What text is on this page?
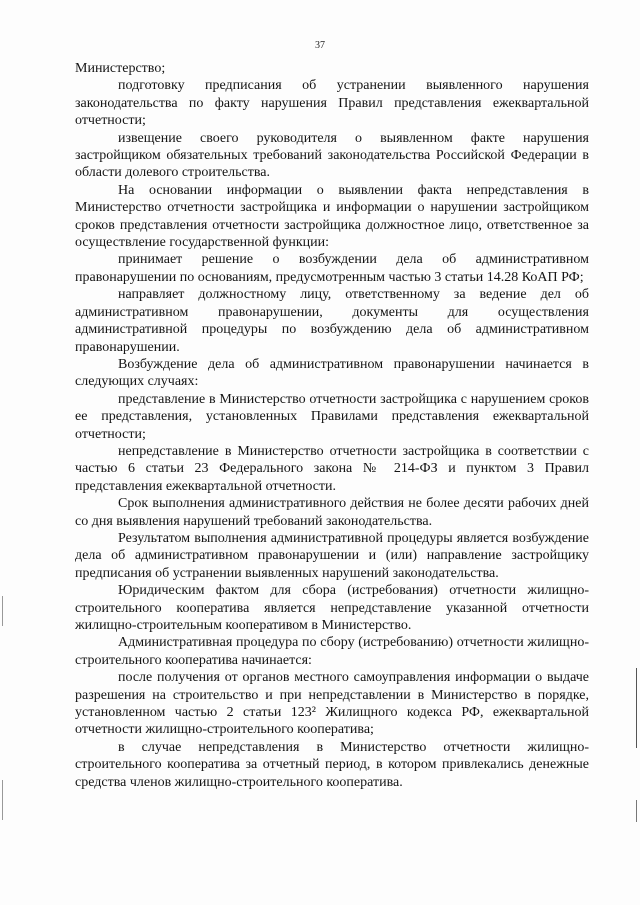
37

Министерство;

подготовку предписания об устранении выявленного нарушения законодательства по факту нарушения Правил представления ежеквартальной отчетности;

извещение своего руководителя о выявленном факте нарушения застройщиком обязательных требований законодательства Российской Федерации в области долевого строительства.

На основании информации о выявлении факта непредставления в Министерство отчетности застройщика и информации о нарушении застройщиком сроков представления отчетности застройщика должностное лицо, ответственное за осуществление государственной функции:

принимает решение о возбуждении дела об административном правонарушении по основаниям, предусмотренным частью 3 статьи 14.28 КоАП РФ;

направляет должностному лицу, ответственному за ведение дел об административном правонарушении, документы для осуществления административной процедуры по возбуждению дела об административном правонарушении.

Возбуждение дела об административном правонарушении начинается в следующих случаях:

представление в Министерство отчетности застройщика с нарушением сроков ее представления, установленных Правилами представления ежеквартальной отчетности;

непредставление в Министерство отчетности застройщика в соответствии с частью 6 статьи 23 Федерального закона № 214-ФЗ и пунктом 3 Правил представления ежеквартальной отчетности.

Срок выполнения административного действия не более десяти рабочих дней со дня выявления нарушений требований законодательства.

Результатом выполнения административной процедуры является возбуждение дела об административном правонарушении и (или) направление застройщику предписания об устранении выявленных нарушений законодательства.

Юридическим фактом для сбора (истребования) отчетности жилищно-строительного кооператива является непредставление указанной отчетности жилищно-строительным кооперативом в Министерство.

Административная процедура по сбору (истребованию) отчетности жилищно-строительного кооператива начинается:

после получения от органов местного самоуправления информации о выдаче разрешения на строительство и при непредставлении в Министерство в порядке, установленном частью 2 статьи 123² Жилищного кодекса РФ, ежеквартальной отчетности жилищно-строительного кооператива;

в случае непредставления в Министерство отчетности жилищно-строительного кооператива за отчетный период, в котором привлекались денежные средства членов жилищно-строительного кооператива.
